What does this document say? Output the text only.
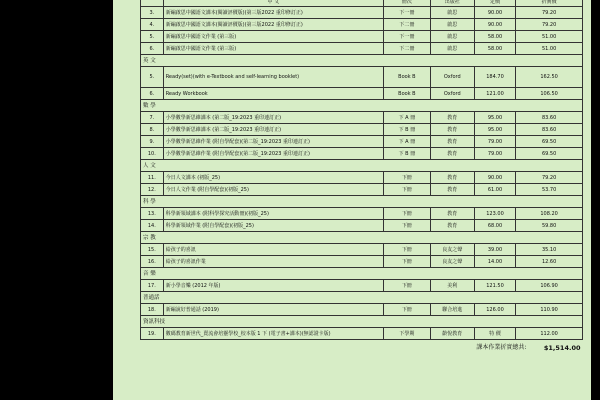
	中 文	冊次	出版社	定價	折實價
3.	新編啟思中國語文課本(閱讀評價版)(第三版2022 重印修訂正)	下一冊	啟思	90.00	79.20
4.	新編啟思中國語文課本(閱讀評價版)(第三版2022 重印修訂正)	下二冊	啟思	90.00	79.20
5.	新編啟思中國語文作業 (第三版)	下一冊	啟思	58.00	51.00
6.	新編啟思中國語文作業 (第三版)	下二冊	啟思	58.00	51.00
英 文					
5.	Ready(set)(with e-Textbook and self-learning booklet)	Book B	Oxford	184.70	162.50
6.	Ready Workbook	Book B	Oxford	121.00	106.50
數 學					
7.	小學數學新思維課本 (第二版_19:2023 重印連訂正)	下 A 冊	教育	95.00	83.60
8.	小學數學新思維課本 (第二版_19:2023 重印連訂正)	下 B 冊	教育	95.00	83.60
9.	小學數學新思維作業 (附自學配套)(第二版_19:2023 重印連訂正)	下 A 冊	教育	79.00	69.50
10.	小學數學新思維作業 (附自學配套)(第二版_19:2023 重印連訂正)	下 B 冊	教育	79.00	69.50
人 文					
11.	今日人文課本 (初版_25)	下冊	教育	90.00	79.20
12.	今日人文作業 (附自學配套)(初版_25)	下冊	教育	61.00	53.70
科 學					
13.	科學新領域課本 (附科學探究活動冊)(初版_25)	下冊	教育	123.00	108.20
14.	科學新領域作業 (附自學配套)(初版_25)	下冊	教育	68.00	59.80
宗 教					
15.	給孩子的喜訊	下冊	良友之聲	39.00	35.10
16.	給孩子的喜訊作業	下冊	良友之聲	14.00	12.60
音 樂					
17.	新小學音樂 (2012 年版)	下冊	美利	121.50	106.90
普通話					
18.	新編說好普通話 (2019)	下冊	聯合培進	126.00	110.90
資訊科技					
19.	數碼教育新世代_賣流會培靈學校_校本版 1 下 (電子書+課本)(無認證卡版)	下學期	齡悅教育	特 價	112.00
				課本作業折實總共:	$1,514.00
